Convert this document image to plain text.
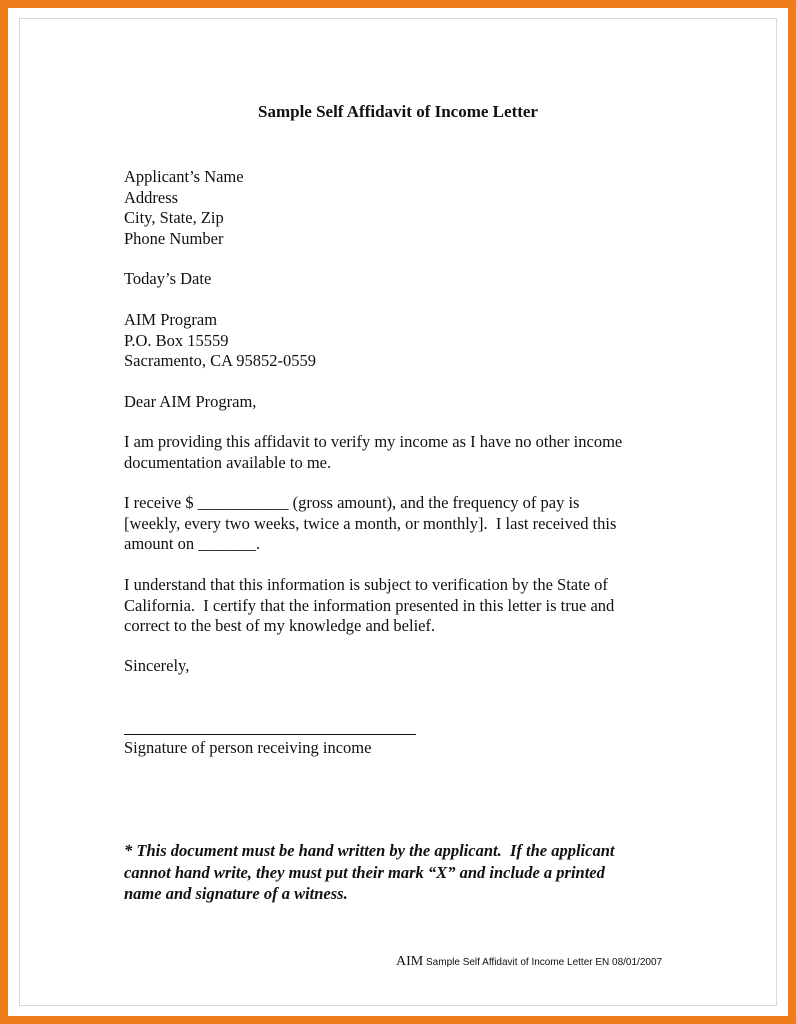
Sample Self Affidavit of Income Letter
Applicant’s Name
Address
City, State, Zip
Phone Number
Today’s Date
AIM Program
P.O. Box 15559
Sacramento, CA 95852-0559
Dear AIM Program,
I am providing this affidavit to verify my income as I have no other income
documentation available to me.
I receive $ ___________ (gross amount), and the frequency of pay is
[weekly, every two weeks, twice a month, or monthly].  I last received this
amount on _______.
I understand that this information is subject to verification by the State of
California.  I certify that the information presented in this letter is true and
correct to the best of my knowledge and belief.
Sincerely,
Signature of person receiving income
* This document must be hand written by the applicant.  If the applicant
cannot hand write, they must put their mark “X” and include a printed
name and signature of a witness.
AIM Sample Self Affidavit of Income Letter EN 08/01/2007
